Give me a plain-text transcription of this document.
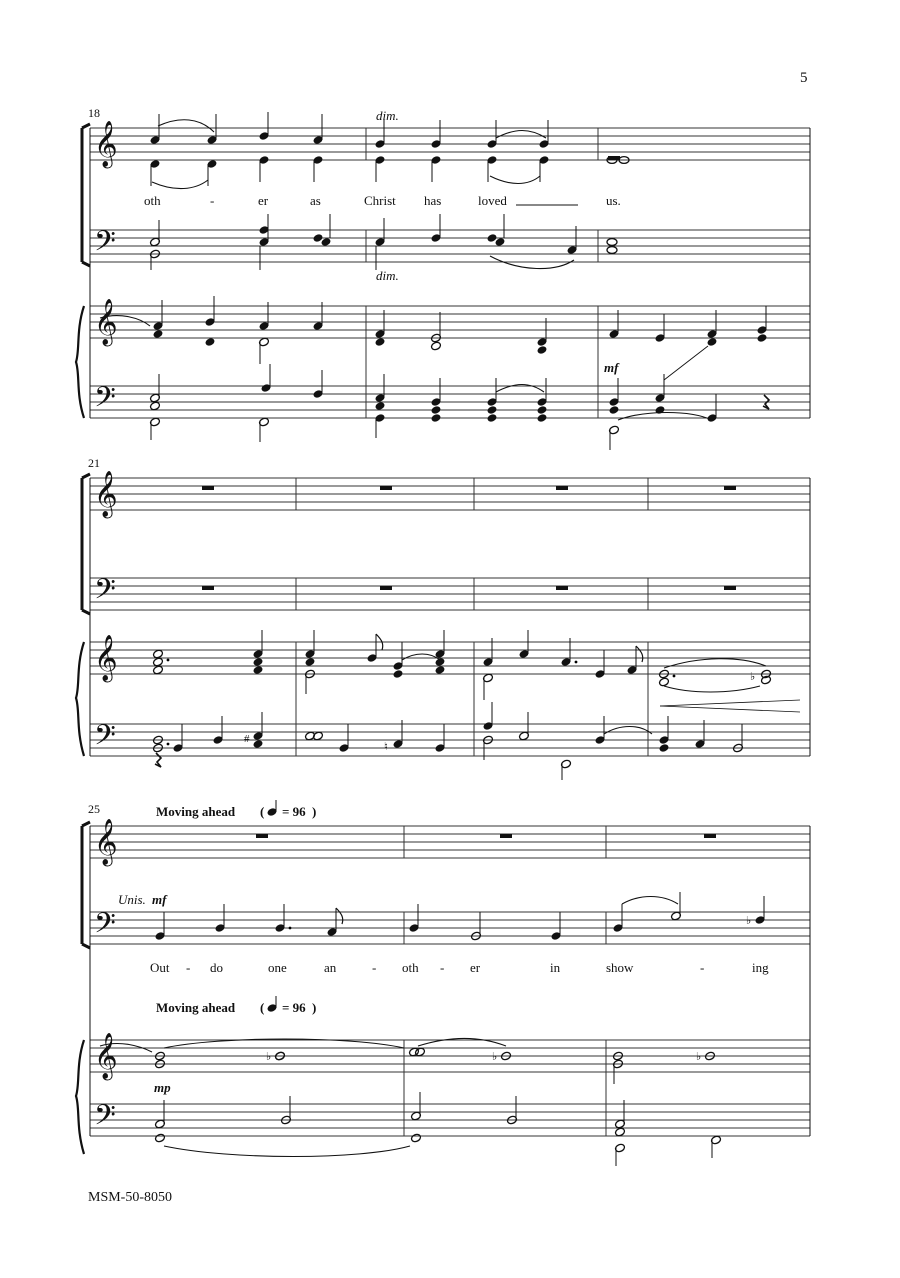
5
MSM-50-8050
18
𝄞
𝄢
𝄞
𝄢
dim.
oth	-	er	as	Christ has	loved	us.
dim.
mf
21
𝄞
𝄢
𝄞
𝄢
♭
#
♮
25	Moving ahead ( = 96 )
𝄞
𝄢
𝄞
𝄢
Unis. mf
♭
Out - do	one	an	- oth - er	in	show	-	ing
Moving ahead ( = 96 )
♭	♭	♭
mp
